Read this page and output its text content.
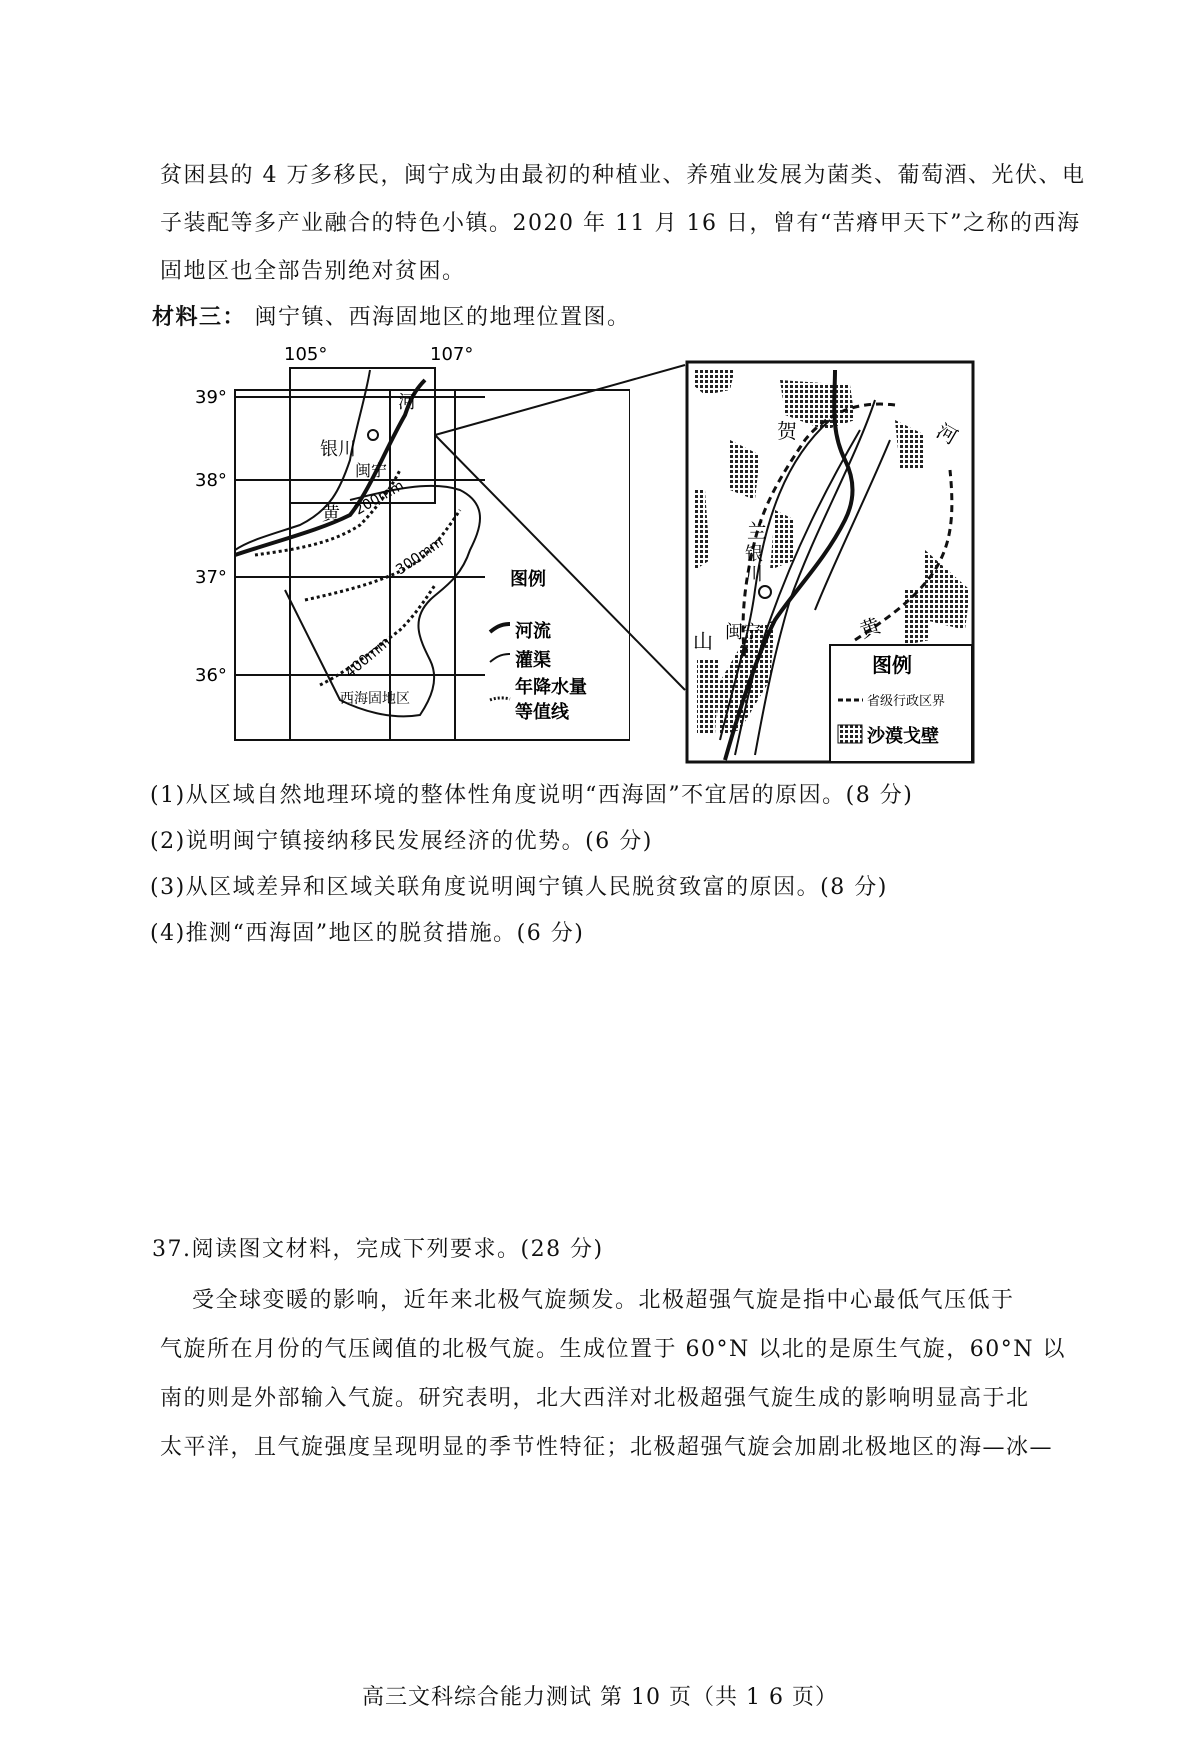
贫困县的 4 万多移民，闽宁成为由最初的种植业、养殖业发展为菌类、葡萄酒、光伏、电
子装配等多产业融合的特色小镇。2020 年 11 月 16 日，曾有“苦瘠甲天下”之称的西海
固地区也全部告别绝对贫困。
材料三： 闽宁镇、西海固地区的地理位置图。
105°	107°
39°
38°
37°
36°
银川
闽宁
西海固地区
河
黄 200mm
300mm
400mm
图例
河流
灌渠
年降水量
等值线
贺
兰
山
银
川
闽宁
河
黄
图例
省级行政区界
沙漠戈壁
(1)从区域自然地理环境的整体性角度说明“西海固”不宜居的原因。(8 分)
(2)说明闽宁镇接纳移民发展经济的优势。(6 分)
(3)从区域差异和区域关联角度说明闽宁镇人民脱贫致富的原因。(8 分)
(4)推测“西海固”地区的脱贫措施。(6 分)
37.阅读图文材料，完成下列要求。(28 分)
受全球变暖的影响，近年来北极气旋频发。北极超强气旋是指中心最低气压低于
气旋所在月份的气压阈值的北极气旋。生成位置于 60°N 以北的是原生气旋，60°N 以
南的则是外部输入气旋。研究表明，北大西洋对北极超强气旋生成的影响明显高于北
太平洋，且气旋强度呈现明显的季节性特征；北极超强气旋会加剧北极地区的海—冰—
高三文科综合能力测试 第 10 页（共 1 6 页）
